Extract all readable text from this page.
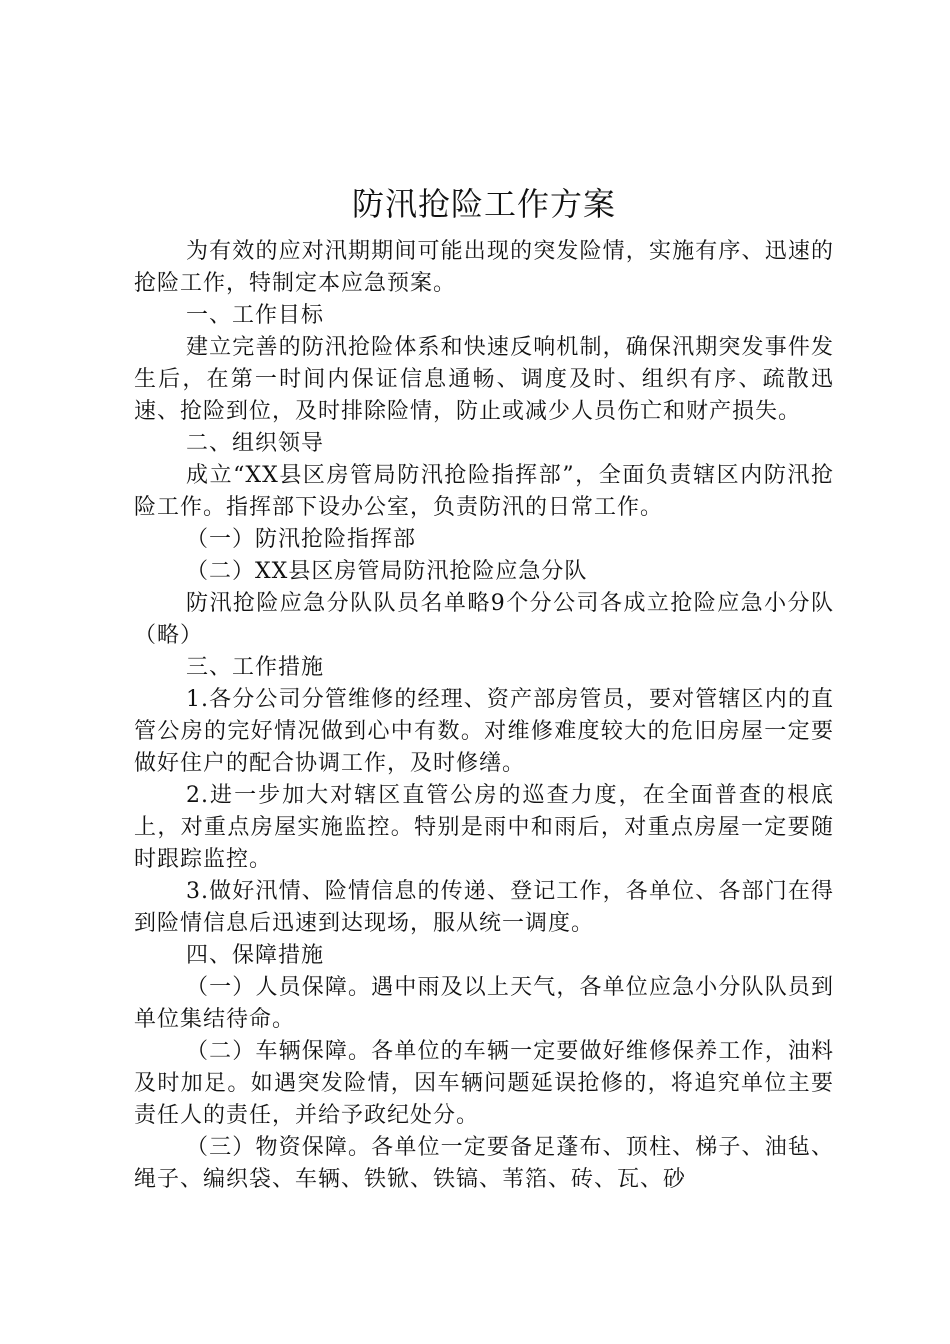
防汛抢险工作方案

为有效的应对汛期期间可能出现的突发险情，实施有序、迅速的抢险工作，特制定本应急预案。

一、工作目标

建立完善的防汛抢险体系和快速反响机制，确保汛期突发事件发生后，在第一时间内保证信息通畅、调度及时、组织有序、疏散迅速、抢险到位，及时排除险情，防止或减少人员伤亡和财产损失。

二、组织领导

成立“XX县区房管局防汛抢险指挥部”，全面负责辖区内防汛抢险工作。指挥部下设办公室，负责防汛的日常工作。

（一）防汛抢险指挥部

（二）XX县区房管局防汛抢险应急分队

防汛抢险应急分队队员名单略9个分公司各成立抢险应急小分队（略）

三、工作措施

1.各分公司分管维修的经理、资产部房管员，要对管辖区内的直管公房的完好情况做到心中有数。对维修难度较大的危旧房屋一定要做好住户的配合协调工作，及时修缮。

2.进一步加大对辖区直管公房的巡查力度，在全面普查的根底上，对重点房屋实施监控。特别是雨中和雨后，对重点房屋一定要随时跟踪监控。

3.做好汛情、险情信息的传递、登记工作，各单位、各部门在得到险情信息后迅速到达现场，服从统一调度。

四、保障措施

（一）人员保障。遇中雨及以上天气，各单位应急小分队队员到单位集结待命。

（二）车辆保障。各单位的车辆一定要做好维修保养工作，油料及时加足。如遇突发险情，因车辆问题延误抢修的，将追究单位主要责任人的责任，并给予政纪处分。

（三）物资保障。各单位一定要备足蓬布、顶柱、梯子、油毡、绳子、编织袋、车辆、铁锨、铁镐、苇箔、砖、瓦、砂
